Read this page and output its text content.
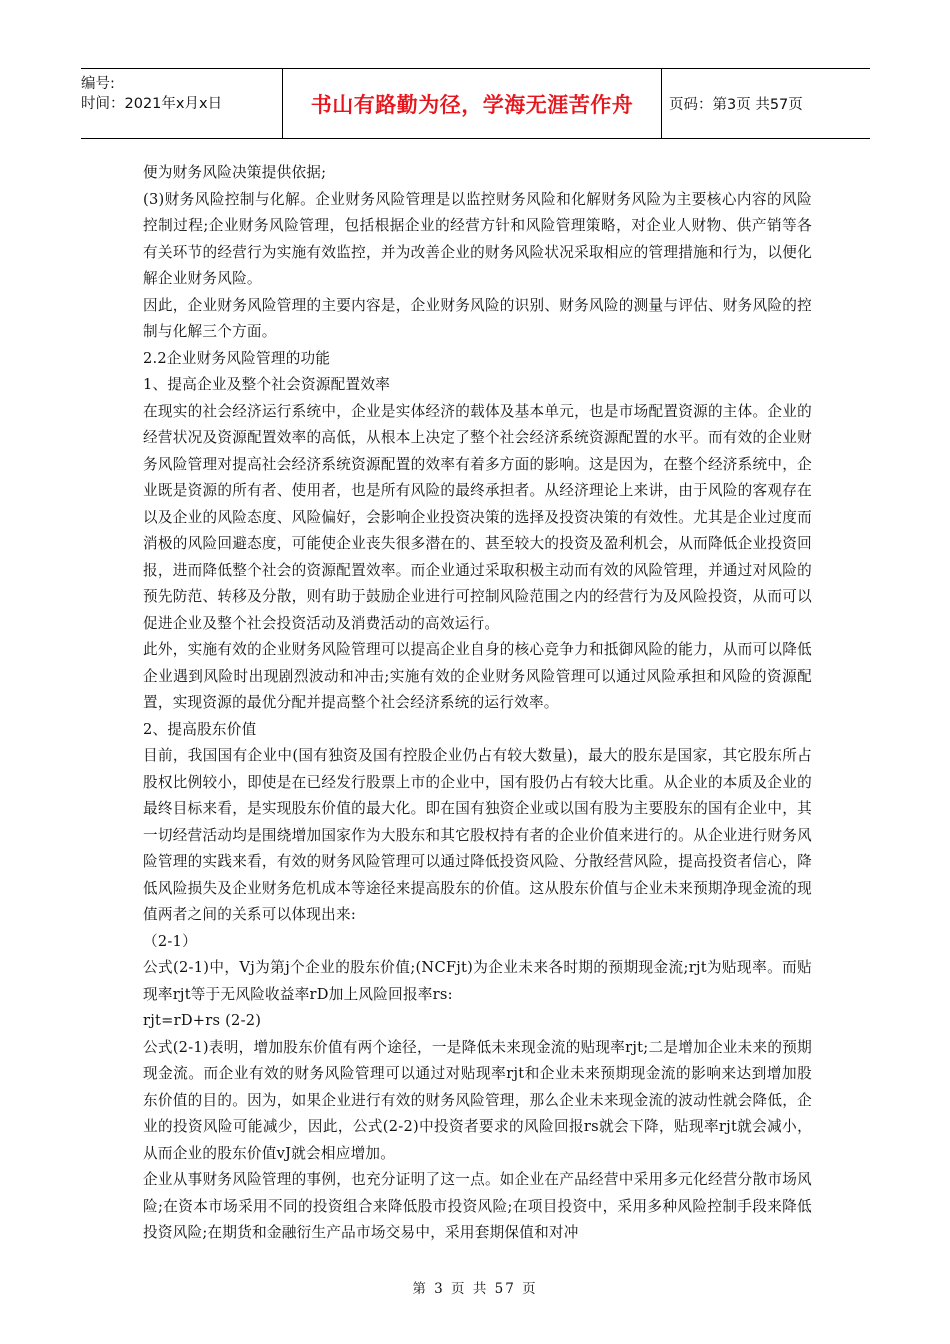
编号:
时间：2021年x月x日	书山有路勤为径，学海无涯苦作舟	页码：第3页 共57页

便为财务风险决策提供依据;

(3)财务风险控制与化解。企业财务风险管理是以监控财务风险和化解财务风险为主要核心内容的风险控制过程;企业财务风险管理，包括根据企业的经营方针和风险管理策略，对企业人财物、供产销等各有关环节的经营行为实施有效监控，并为改善企业的财务风险状况采取相应的管理措施和行为，以便化解企业财务风险。

因此，企业财务风险管理的主要内容是，企业财务风险的识别、财务风险的测量与评估、财务风险的控制与化解三个方面。

2.2企业财务风险管理的功能

1、提高企业及整个社会资源配置效率

在现实的社会经济运行系统中，企业是实体经济的载体及基本单元，也是市场配置资源的主体。企业的经营状况及资源配置效率的高低，从根本上决定了整个社会经济系统资源配置的水平。而有效的企业财务风险管理对提高社会经济系统资源配置的效率有着多方面的影响。这是因为，在整个经济系统中，企业既是资源的所有者、使用者，也是所有风险的最终承担者。从经济理论上来讲，由于风险的客观存在以及企业的风险态度、风险偏好，会影响企业投资决策的选择及投资决策的有效性。尤其是企业过度而消极的风险回避态度，可能使企业丧失很多潜在的、甚至较大的投资及盈利机会，从而降低企业投资回报，进而降低整个社会的资源配置效率。而企业通过采取积极主动而有效的风险管理，并通过对风险的预先防范、转移及分散，则有助于鼓励企业进行可控制风险范围之内的经营行为及风险投资，从而可以促进企业及整个社会投资活动及消费活动的高效运行。

此外，实施有效的企业财务风险管理可以提高企业自身的核心竞争力和抵御风险的能力，从而可以降低企业遇到风险时出现剧烈波动和冲击;实施有效的企业财务风险管理可以通过风险承担和风险的资源配置，实现资源的最优分配并提高整个社会经济系统的运行效率。

2、提高股东价值

目前，我国国有企业中(国有独资及国有控股企业仍占有较大数量)，最大的股东是国家，其它股东所占股权比例较小，即使是在已经发行股票上市的企业中，国有股仍占有较大比重。从企业的本质及企业的最终目标来看，是实现股东价值的最大化。即在国有独资企业或以国有股为主要股东的国有企业中，其一切经营活动均是围绕增加国家作为大股东和其它股权持有者的企业价值来进行的。从企业进行财务风险管理的实践来看，有效的财务风险管理可以通过降低投资风险、分散经营风险，提高投资者信心，降低风险损失及企业财务危机成本等途径来提高股东的价值。这从股东价值与企业未来预期净现金流的现值两者之间的关系可以体现出来:

（2-1）

公式(2-1)中，Vj为第j个企业的股东价值;(NCFjt)为企业未来各时期的预期现金流;rjt为贴现率。而贴现率rjt等于无风险收益率rD加上风险回报率rs:

rjt=rD+rs (2-2)

公式(2-1)表明，增加股东价值有两个途径，一是降低未来现金流的贴现率rjt;二是增加企业未来的预期现金流。而企业有效的财务风险管理可以通过对贴现率rjt和企业未来预期现金流的影响来达到增加股东价值的目的。因为，如果企业进行有效的财务风险管理，那么企业未来现金流的波动性就会降低，企业的投资风险可能减少，因此，公式(2-2)中投资者要求的风险回报rs就会下降，贴现率rjt就会减小，从而企业的股东价值vJ就会相应增加。

企业从事财务风险管理的事例，也充分证明了这一点。如企业在产品经营中采用多元化经营分散市场风险;在资本市场采用不同的投资组合来降低股市投资风险;在项目投资中，采用多种风险控制手段来降低投资风险;在期货和金融衍生产品市场交易中，采用套期保值和对冲

第 3 页 共 57 页
